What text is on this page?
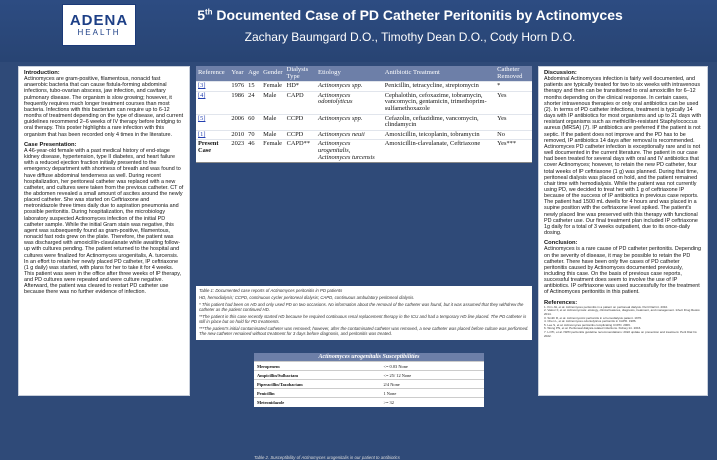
ADENA
HEALTH
5th Documented Case of PD Catheter Peritonitis by Actinomyces
Zachary Baumgard D.O., Timothy Dean D.O., Cody Horn D.O.
Introduction:
Actinomyces are gram-positive, filamentous, nonacid fast anaerobic bacteria that can cause fistula-forming abdominal infections, tubo-ovarian abscess, jaw infection, and cavitary pulmonary disease. The organism is slow growing; however, it frequently requires much longer treatment courses than most bacteria. Infections with this bacterium can require up to 6-12 months of treatment depending on the type of disease, and current guidelines recommend 2–6 weeks of IV therapy before bridging to oral therapy. This poster highlights a rare infection with this organism that has been recorded only 4 times in the literature.
Case Presentation:
A 46-year-old female with a past medical history of end-stage kidney disease, hypertension, type II diabetes, and heart failure with a reduced ejection fraction initially presented to the emergency department with shortness of breath and was found to have diffuse abdominal tenderness as well. During recent hospitalization, her peritoneal catheter was replaced with a new catheter, and cultures were taken from the previous catheter. CT of the abdomen revealed a small amount of ascites around the newly placed catheter. She was started on Ceftriaxone and metronidazole three times daily due to aspiration pneumonia and possible peritonitis. During hospitalization, the microbiology laboratory suspected Actinomyces infection of the initial PD catheter sample. While the initial Gram stain was negative, this agent was subsequently found as gram-positive, filamentous, nonacid fast rods grew on the plate. Therefore, the patient was was discharged with amoxicillin-clavulanate while awaiting follow-up with cultures pending. The patient returned to the hospital and cultures were finalized for Actinomyces urogenitalis, A. turcensis. In an effort to retain her newly placed PD catheter, IP ceftriaxone (1 g daily) was started, with plans for her to take it for 4 weeks. This patient was seen in the office after three weeks of IP therapy, and PD cultures were repeated and were culture negative. Afterward, the patient was cleared to restart PD catheter use because there was no further evidence of infection.
Reference	Year	Age	Gender	Dialysis Type	Etiology	Antibiotic Treatment	Catheter Removed
[3]	1976	15	Female	HD*	Actinomyces spp.	Penicillin, tetracycline, streptomycin	*
[4]	1986	24	Male	CAPD	Actinomyces odontolyticus	Cephalothin, cefoxazime, tobramycin, vancomycin, gentamicin, trimethoprim-sulfamethoxazole	Yes
[5]	2006	60	Male	CCPD	Actinomyces spp.	Cefazolin, ceftazidime, vancomycin, clindamycin	Yes
[1]	2010	70	Male	CCPD	Actinomyces neuii	Amoxicillin, teicoplanin, tobramycin	No
Present Case	2023	46	Female	CAPD**	Actinomyces urogenitalis, Actinomyces turcensis	Amoxicillin-clavulanate, Ceftriaxone	Yes***
Table 1: Documented case reports of Actinomyces peritonitis in PD patients
HD, hemodialysis; CCPD, continuous cycler peritoneal dialysis; CAPD, continuous ambulatory peritoneal dialysis.
* This patient had been on HD and only used PD on two occasions. No information about the removal of the catheter was found, but it was assumed that they withdrew the catheter as the patient continued HD.
**The patient in this case recently started HD because he required continuous renal replacement therapy in the ICU and had a temporary HD line placed. The PD catheter is still in place but on hold for PD treatments.
***The patient's initial contaminated catheter was removed; however, after the contaminated catheter was removed, a new catheter was placed before culture was performed. The new catheter remained without treatment for 3 days before diagnosis, and peritonitis was treated.
Actinomyces urogenitalis Susceptibilities	
Meropenem	<= 0.03 None
Ampicillin/Sulbactam	<= 25/ 12 None
Piperacillin/Tazobactam	2/4 None
Penicillin	1 None
Metronidazole	>= 32
Table 2. Susceptibility of Actinomyces urogenitalis in our patient to antibiotics
Discussion:
Abdominal Actinomyces infection is fairly well documented, and patients are typically treated for two to six weeks with intravenous therapy and then can be transitioned to oral amoxicillin for 6–12 months depending on the clinical response. In certain cases, shorter intravenous therapies or only oral antibiotics can be used (2). In terms of PD catheter infections, treatment is typically 14 days with IP antibiotics for most organisms and up to 21 days with resistant organisms such as methicillin-resistant Staphylococcus aureus (MRSA) (7). IP antibiotics are preferred if the patient is not septic. If the patient does not improve and the PD has to be removed, IP antibiotics 14 days after removal is recommended. Actinomyces PD catheter infection is exceptionally rare and is not well documented in the current literature. The patient in our case had been treated for several days with oral and IV antibiotics that cover Actinomyces; however, to retain the new PD catheter, four total weeks of IP ceftriaxone (1 g) was planned. During that time, peritoneal dialysis was placed on hold, and the patient remained chair time with hemodialysis. While the patient was not currently using PD, we decided to treat her with 1 g of ceftriaxone IP because of the success of IP antibiotics in previous case reports. The patient had 1500 mL dwells for 4 hours and was placed in a supine position with the ceftriaxone level spiked. The patient's newly placed line was preserved with this therapy with functional PD catheter use. Our final treatment plan included IP ceftriaxone 1g daily for a total of 3 weeks outpatient, due to its once-daily dosing.
Conclusion:
Actinomyces is a rare cause of PD catheter peritonitis. Depending on the severity of disease, it may be possible to retain the PD catheter. There have been only five cases of PD catheter peritonitis caused by Actinomyces documented previously, including this case. On the basis of previous case reports, successful treatment does seem to involve the use of IP antibiotics. IP ceftriaxone was used successfully for the treatment of Actinomyces peritonitis in this patient.
References:
1. Kim JH, et al. Actinomyces peritonitis in a patient on peritoneal dialysis. Perit Dial Int. 2010.
2. Valour F, et al. Actinomycosis: etiology, clinical features, diagnosis, treatment, and management. Infect Drug Resist. 2014.
3. Smith R, et al. Actinomycotic peritonitis in a hemodialysis patient. 1976.
4. Chen L, et al. Actinomyces odontolyticus peritonitis in CAPD. 1986.
5. Lee S, et al. Actinomyces peritonitis complicating CCPD. 2006.
6. Wong PN, et al. Peritoneal dialysis-related infections. Kidney Int. 2016.
7. Li PK, et al. ISPD peritonitis guideline recommendations: 2022 update on prevention and treatment. Perit Dial Int. 2022.
